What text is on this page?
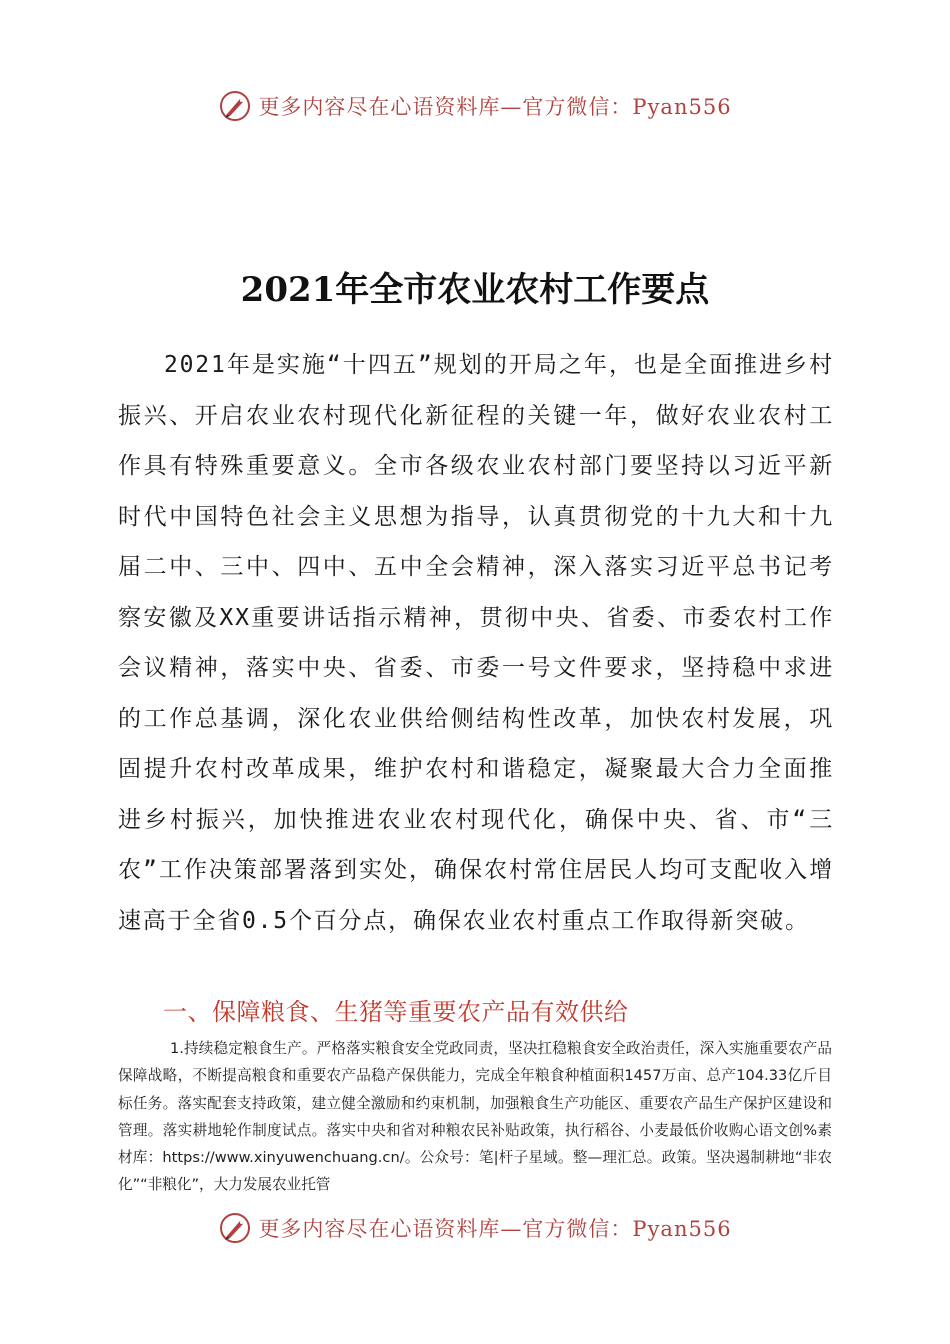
更多内容尽在心语资料库—官方微信：Pyan556
2021年全市农业农村工作要点

2021年是实施“十四五”规划的开局之年，也是全面推进乡村振兴、开启农业农村现代化新征程的关键一年，做好农业农村工作具有特殊重要意义。全市各级农业农村部门要坚持以习近平新时代中国特色社会主义思想为指导，认真贯彻党的十九大和十九届二中、三中、四中、五中全会精神，深入落实习近平总书记考察安徽及XX重要讲话指示精神，贯彻中央、省委、市委农村工作会议精神，落实中央、省委、市委一号文件要求，坚持稳中求进的工作总基调，深化农业供给侧结构性改革，加快农村发展，巩固提升农村改革成果，维护农村和谐稳定，凝聚最大合力全面推进乡村振兴，加快推进农业农村现代化，确保中央、省、市“三农”工作决策部署落到实处，确保农村常住居民人均可支配收入增速高于全省0.5个百分点，确保农业农村重点工作取得新突破。

一、保障粮食、生猪等重要农产品有效供给

1.持续稳定粮食生产。严格落实粮食安全党政同责，坚决扛稳粮食安全政治责任，深入实施重要农产品保障战略，不断提高粮食和重要农产品稳产保供能力，完成全年粮食种植面积1457万亩、总产104.33亿斤目标任务。落实配套支持政策，建立健全激励和约束机制，加强粮食生产功能区、重要农产品生产保护区建设和管理。落实耕地轮作制度试点。落实中央和省对种粮农民补贴政策，执行稻谷、小麦最低价收购心语文创%素材库：https://www.xinyuwenchuang.cn/。公众号：笔|杆子星域。整—理汇总。政策。坚决遏制耕地“非农化”“非粮化”，大力发展农业托管

更多内容尽在心语资料库—官方微信：Pyan556
